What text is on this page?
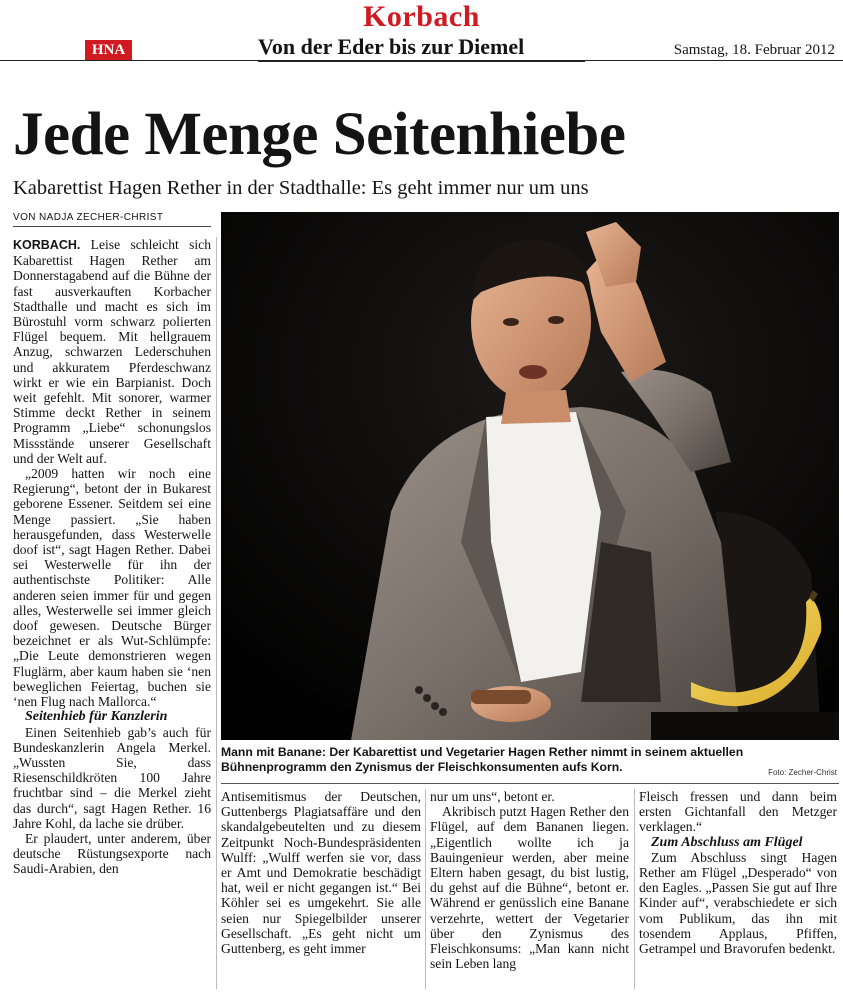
Korbach
HNA	Von der Eder bis zur Diemel	Samstag, 18. Februar 2012
Jede Menge Seitenhiebe
Kabarettist Hagen Rether in der Stadthalle: Es geht immer nur um uns
VON NADJA ZECHER-CHRIST

KORBACH. Leise schleicht sich Kabarettist Hagen Rether am Donnerstagabend auf die Bühne der fast ausverkauften Korbacher Stadthalle und macht es sich im Bürostuhl vorm schwarz polierten Flügel bequem. Mit hellgrauem Anzug, schwarzen Lederschuhen und akkuratem Pferdeschwanz wirkt er wie ein Barpianist. Doch weit gefehlt. Mit sonorer, warmer Stimme deckt Rether in seinem Programm „Liebe“ schonungslos Missstände unserer Gesellschaft und der Welt auf.

„2009 hatten wir noch eine Regierung“, betont der in Bukarest geborene Essener. Seitdem sei eine Menge passiert. „Sie haben herausgefunden, dass Westerwelle doof ist“, sagt Hagen Rether. Dabei sei Westerwelle für ihn der authentischste Politiker: Alle anderen seien immer für und gegen alles, Westerwelle sei immer gleich doof gewesen. Deutsche Bürger bezeichnet er als Wut-Schlümpfe: „Die Leute demonstrieren wegen Fluglärm, aber kaum haben sie ‘nen beweglichen Feiertag, buchen sie ‘nen Flug nach Mallorca.“

Seitenhieb für Kanzlerin

Einen Seitenhieb gab’s auch für Bundeskanzlerin Angela Merkel. „Wussten Sie, dass Riesenschildkröten 100 Jahre fruchtbar sind – die Merkel zieht das durch“, sagt Hagen Rether. 16 Jahre Kohl, da lache sie drüber.

Er plaudert, unter anderem, über deutsche Rüstungsexporte nach Saudi-Arabien, den

Mann mit Banane: Der Kabarettist und Vegetarier Hagen Rether nimmt in seinem aktuellen Bühnenprogramm den Zynismus der Fleischkonsumenten aufs Korn.	Foto: Zecher-Christ

Antisemitismus der Deutschen, Guttenbergs Plagiatsaffäre und den skandalgebeutelten und zu diesem Zeitpunkt Noch-Bundespräsidenten Wulff: „Wulff werfen sie vor, dass er Amt und Demokratie beschädigt hat, weil er nicht gegangen ist.“ Bei Köhler sei es umgekehrt. Sie alle seien nur Spiegelbilder unserer Gesellschaft. „Es geht nicht um Guttenberg, es geht immer

nur um uns“, betont er.

Akribisch putzt Hagen Rether den Flügel, auf dem Bananen liegen. „Eigentlich wollte ich ja Bauingenieur werden, aber meine Eltern haben gesagt, du bist lustig, du gehst auf die Bühne“, betont er. Während er genüsslich eine Banane verzehrte, wettert der Vegetarier über den Zynismus des Fleischkonsums: „Man kann nicht sein Leben lang

Fleisch fressen und dann beim ersten Gichtanfall den Metzger verklagen.“

Zum Abschluss am Flügel

Zum Abschluss singt Hagen Rether am Flügel „Desperado“ von den Eagles. „Passen Sie gut auf Ihre Kinder auf“, verabschiedete er sich vom Publikum, das ihn mit tosendem Applaus, Pfiffen, Getrampel und Bravorufen bedenkt.
